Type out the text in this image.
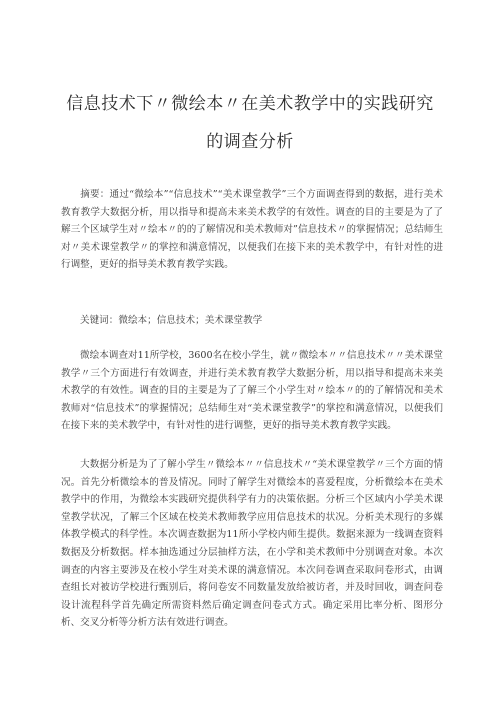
信息技术下〃微绘本〃在美术教学中的实践研究
的调查分析

摘要：通过“微绘本”“信息技术”“美术课堂教学”三个方面调查得到的数据，进行美术教育教学大数据分析，用以指导和提高未来美术教学的有效性。调查的目的主要是为了了解三个区域学生对〃绘本〃的的了解情况和美术教师对”信息技术〃的掌握情况；总结师生对〃美术课堂教学〃的掌控和满意情况，以便我们在接下来的美术教学中，有针对性的进行调整，更好的指导美术教育教学实践。

关键词：微绘本；信息技术；美术课堂教学

微绘本调查对11所学校，3600名在校小学生，就〃微绘本〃〃信息技术〃〃美术课堂教学〃三个方面进行有效调查，并进行美术教育教学大数据分析，用以指导和提高未来美术教学的有效性。调查的目的主要是为了了解三个小学生对〃绘本〃的的了解情况和美术教师对“信息技术”的掌握情况；总结师生对“美术课堂教学”的掌控和满意情况，以便我们在接下来的美术教学中，有针对性的进行调整，更好的指导美术教育教学实践。

大数据分析是为了了解小学生〃微绘本〃〃信息技术〃“美术课堂教学〃三个方面的情况。首先分析微绘本的普及情况。同时了解学生对微绘本的喜爱程度，分析微绘本在美术教学中的作用，为微绘本实践研究提供科学有力的决策依据。分析三个区域内小学美术课堂教学状况，了解三个区域在校美术教师教学应用信息技术的状况。分析美术现行的多媒体教学模式的科学性。本次调查数据为11所小学校内师生提供。数据来源为一线调查资料数据及分析数据。样本抽选通过分层抽样方法，在小学和美术教师中分别调查对象。本次调查的内容主要涉及在校小学生对美术课的满意情况。本次问卷调查采取问卷形式，由调查组长对被访学校进行甄别后，将问卷安不同数量发放给被访者，并及时回收，调查问卷设计流程科学首先确定所需资料然后确定调查问卷式方式。确定采用比率分析、图形分析、交叉分析等分析方法有效进行调查。
